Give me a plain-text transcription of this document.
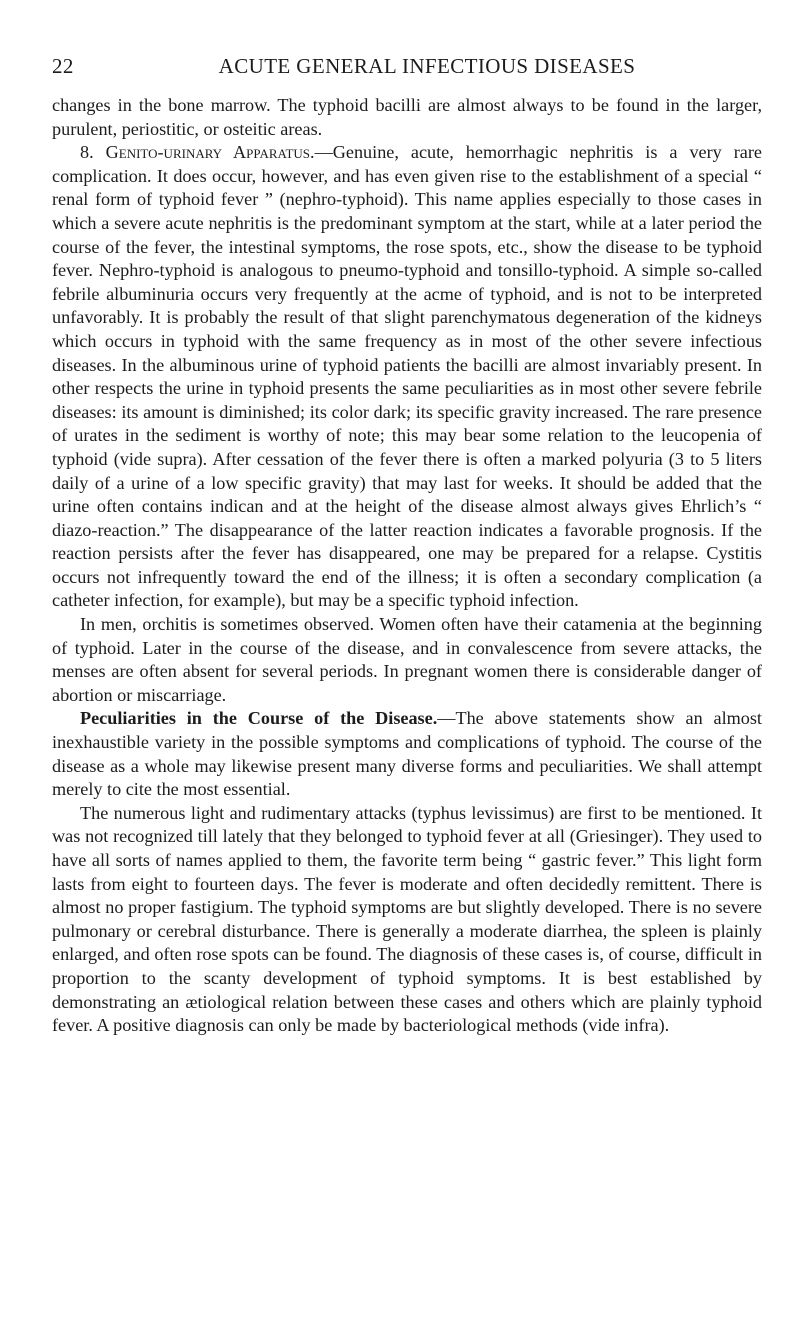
22	ACUTE GENERAL INFECTIOUS DISEASES

changes in the bone marrow. The typhoid bacilli are almost always to be found in the larger, purulent, periostitic, or osteitic areas.

8. Genito-urinary Apparatus.—Genuine, acute, hemorrhagic nephritis is a very rare complication. It does occur, however, and has even given rise to the establishment of a special “ renal form of typhoid fever ” (nephro-typhoid). This name applies especially to those cases in which a severe acute nephritis is the predominant symptom at the start, while at a later period the course of the fever, the intestinal symptoms, the rose spots, etc., show the disease to be typhoid fever. Nephro-typhoid is analogous to pneumo-typhoid and tonsillo-typhoid. A simple so-called febrile albuminuria occurs very frequently at the acme of typhoid, and is not to be interpreted unfavorably. It is probably the result of that slight parenchymatous degeneration of the kidneys which occurs in typhoid with the same frequency as in most of the other severe infectious diseases. In the albuminous urine of typhoid patients the bacilli are almost invariably present. In other respects the urine in typhoid presents the same peculiarities as in most other severe febrile diseases: its amount is diminished; its color dark; its specific gravity increased. The rare presence of urates in the sediment is worthy of note; this may bear some relation to the leucopenia of typhoid (vide supra). After cessation of the fever there is often a marked polyuria (3 to 5 liters daily of a urine of a low specific gravity) that may last for weeks. It should be added that the urine often contains indican and at the height of the disease almost always gives Ehrlich’s “ diazo-reaction.” The disappearance of the latter reaction indicates a favorable prognosis. If the reaction persists after the fever has disappeared, one may be prepared for a relapse. Cystitis occurs not infrequently toward the end of the illness; it is often a secondary complication (a catheter infection, for example), but may be a specific typhoid infection.

In men, orchitis is sometimes observed. Women often have their catamenia at the beginning of typhoid. Later in the course of the disease, and in convalescence from severe attacks, the menses are often absent for several periods. In pregnant women there is considerable danger of abortion or miscarriage.

Peculiarities in the Course of the Disease.—The above statements show an almost inexhaustible variety in the possible symptoms and complications of typhoid. The course of the disease as a whole may likewise present many diverse forms and peculiarities. We shall attempt merely to cite the most essential.

The numerous light and rudimentary attacks (typhus levissimus) are first to be mentioned. It was not recognized till lately that they belonged to typhoid fever at all (Griesinger). They used to have all sorts of names applied to them, the favorite term being “ gastric fever.” This light form lasts from eight to fourteen days. The fever is moderate and often decidedly remittent. There is almost no proper fastigium. The typhoid symptoms are but slightly developed. There is no severe pulmonary or cerebral disturbance. There is generally a moderate diarrhea, the spleen is plainly enlarged, and often rose spots can be found. The diagnosis of these cases is, of course, difficult in proportion to the scanty development of typhoid symptoms. It is best established by demonstrating an ætiological relation between these cases and others which are plainly typhoid fever. A positive diagnosis can only be made by bacteriological methods (vide infra).
